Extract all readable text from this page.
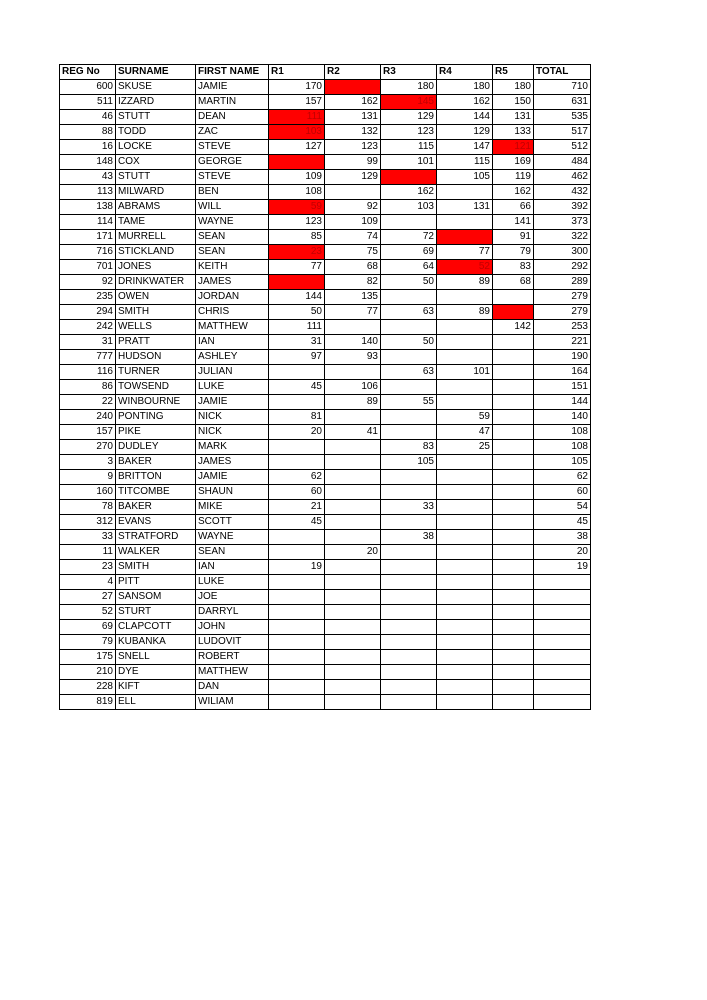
REG No	SURNAME	FIRST NAME	R1	R2	R3	R4	R5	TOTAL
600	SKUSE	JAMIE	170		180	180	180	710
511	IZZARD	MARTIN	157	162	145	162	150	631
46	STUTT	DEAN	111	131	129	144	131	535
88	TODD	ZAC	103	132	123	129	133	517
16	LOCKE	STEVE	127	123	115	147	121	512
148	COX	GEORGE		99	101	115	169	484
43	STUTT	STEVE	109	129		105	119	462
113	MILWARD	BEN	108		162		162	432
138	ABRAMS	WILL	59	92	103	131	66	392
114	TAME	WAYNE	123	109			141	373
171	MURRELL	SEAN	85	74	72		91	322
716	STICKLAND	SEAN	23	75	69	77	79	300
701	JONES	KEITH	77	68	64	52	83	292
92	DRINKWATER	JAMES		82	50	89	68	289
235	OWEN	JORDAN	144	135				279
294	SMITH	CHRIS	50	77	63	89		279
242	WELLS	MATTHEW	111				142	253
31	PRATT	IAN	31	140	50			221
777	HUDSON	ASHLEY	97	93				190
116	TURNER	JULIAN			63	101		164
86	TOWSEND	LUKE	45	106				151
22	WINBOURNE	JAMIE		89	55			144
240	PONTING	NICK	81			59		140
157	PIKE	NICK	20	41		47		108
270	DUDLEY	MARK			83	25		108
3	BAKER	JAMES			105			105
9	BRITTON	JAMIE	62					62
160	TITCOMBE	SHAUN	60					60
78	BAKER	MIKE	21		33			54
312	EVANS	SCOTT	45					45
33	STRATFORD	WAYNE			38			38
11	WALKER	SEAN		20				20
23	SMITH	IAN	19					19
4	PITT	LUKE						
27	SANSOM	JOE						
52	STURT	DARRYL						
69	CLAPCOTT	JOHN						
79	KUBANKA	LUDOVIT						
175	SNELL	ROBERT						
210	DYE	MATTHEW						
228	KIFT	DAN						
819	ELL	WILIAM						
